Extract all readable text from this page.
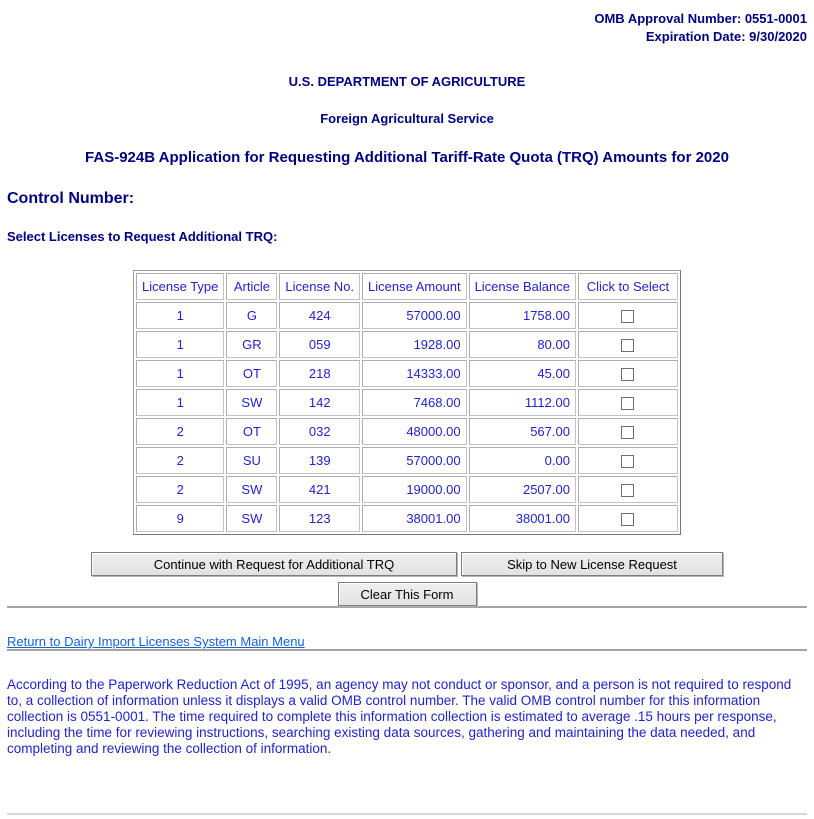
OMB Approval Number: 0551-0001
Expiration Date: 9/30/2020
U.S. DEPARTMENT OF AGRICULTURE
Foreign Agricultural Service
FAS-924B Application for Requesting Additional Tariff-Rate Quota (TRQ) Amounts for 2020
Control Number:
Select Licenses to Request Additional TRQ:
License Type	Article	License No.	License Amount	License Balance	Click to Select
1	G	424	57000.00	1758.00	
1	GR	059	1928.00	80.00	
1	OT	218	14333.00	45.00	
1	SW	142	7468.00	1112.00	
2	OT	032	48000.00	567.00	
2	SU	139	57000.00	0.00	
2	SW	421	19000.00	2507.00	
9	SW	123	38001.00	38001.00	
Continue with Request for Additional TRQ	Skip to New License Request
Clear This Form
Return to Dairy Import Licenses System Main Menu
According to the Paperwork Reduction Act of 1995, an agency may not conduct or sponsor, and a person is not required to respond to, a collection of information unless it displays a valid OMB control number. The valid OMB control number for this information collection is 0551-0001. The time required to complete this information collection is estimated to average .15 hours per response, including the time for reviewing instructions, searching existing data sources, gathering and maintaining the data needed, and completing and reviewing the collection of information.
